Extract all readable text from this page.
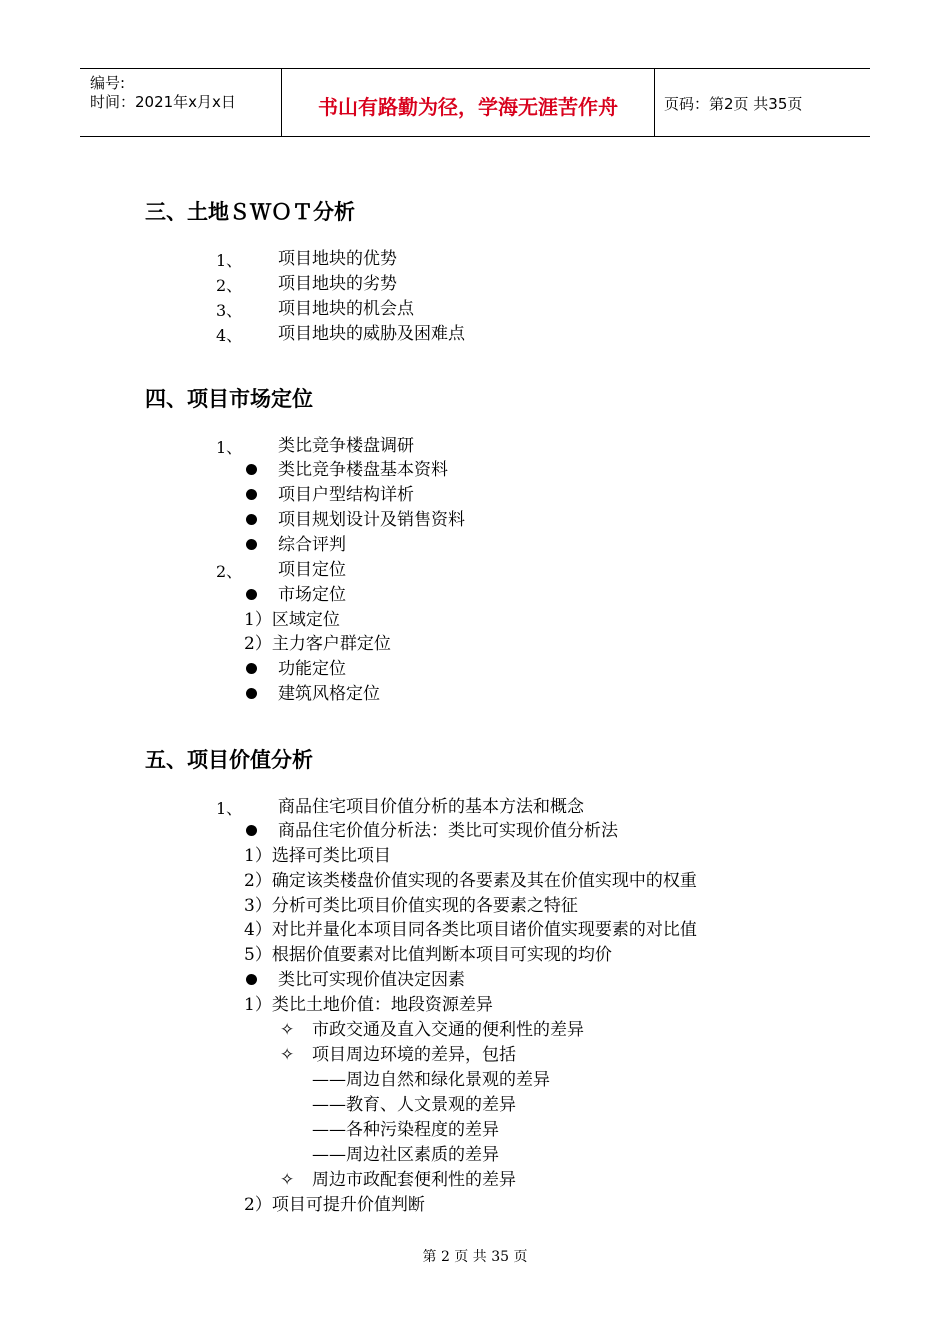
编号:
时间：2021年x月x日	书山有路勤为径，学海无涯苦作舟	页码：第2页 共35页
三、土地ＳＷＯＴ分析
1、 项目地块的优势
2、 项目地块的劣势
3、 项目地块的机会点
4、 项目地块的威胁及困难点
四、项目市场定位
1、 类比竞争楼盘调研
类比竞争楼盘基本资料
项目户型结构详析
项目规划设计及销售资料
综合评判
2、 项目定位
市场定位
1）区域定位
2）主力客户群定位
功能定位
建筑风格定位
五、项目价值分析
1、 商品住宅项目价值分析的基本方法和概念
商品住宅价值分析法：类比可实现价值分析法
1）选择可类比项目
2）确定该类楼盘价值实现的各要素及其在价值实现中的权重
3）分析可类比项目价值实现的各要素之特征
4）对比并量化本项目同各类比项目诸价值实现要素的对比值
5）根据价值要素对比值判断本项目可实现的均价
类比可实现价值决定因素
1）类比土地价值：地段资源差异
✧ 市政交通及直入交通的便利性的差异
✧ 项目周边环境的差异，包括
——周边自然和绿化景观的差异
——教育、人文景观的差异
——各种污染程度的差异
——周边社区素质的差异
✧ 周边市政配套便利性的差异
2）项目可提升价值判断
第 2 页 共 35 页
